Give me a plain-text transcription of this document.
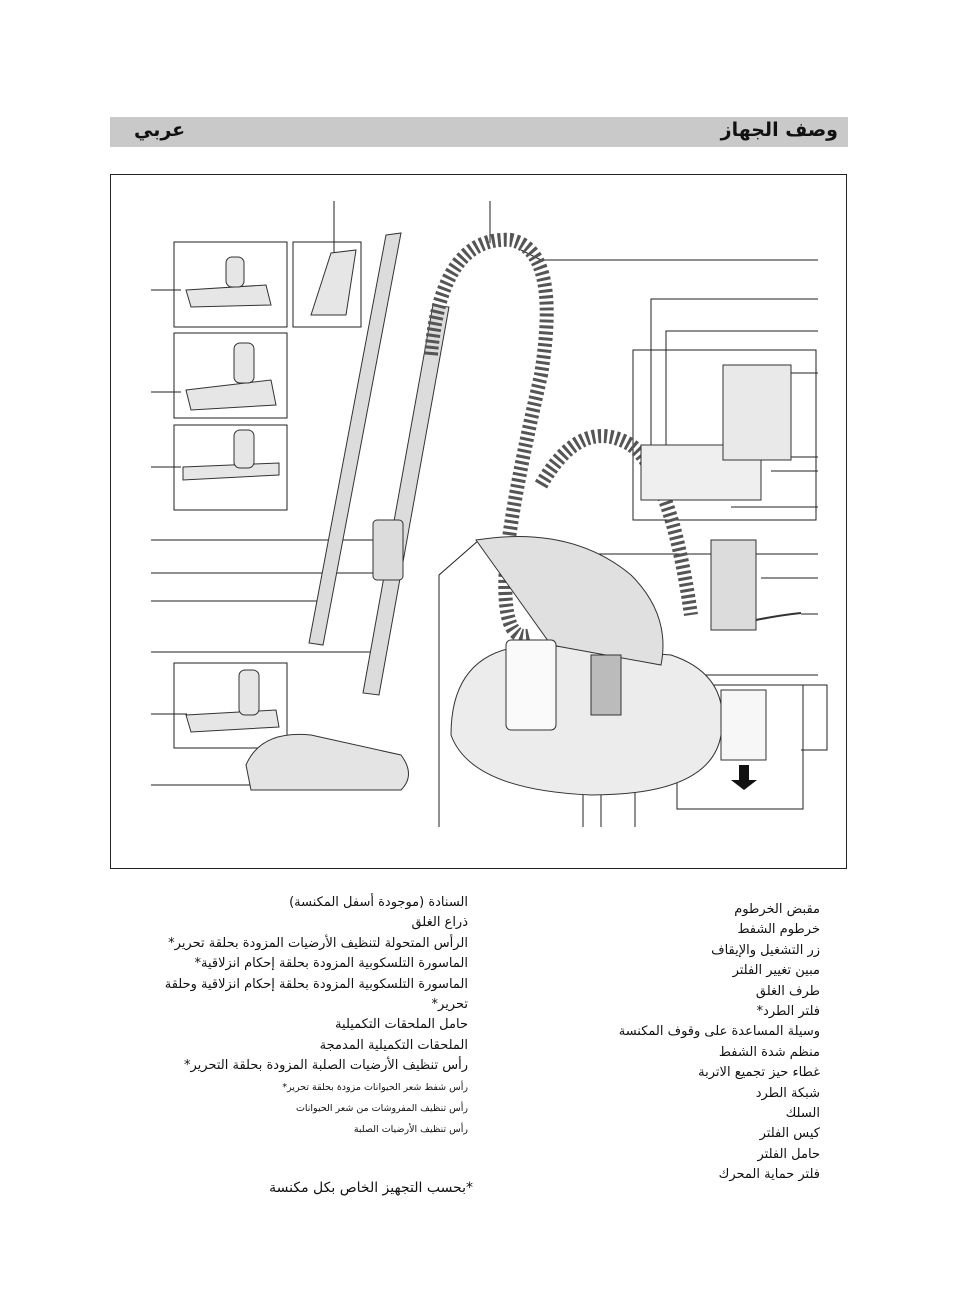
وصف الجهاز
عربي
مقبض الخرطوم
خرطوم الشفط
زر التشغيل والإيقاف
مبين تغيير الفلتر
طرف الغلق
فلتر الطرد*
وسيلة المساعدة على وقوف المكنسة
منظم شدة الشفط
غطاء حيز تجميع الاتربة
شبكة الطرد
السلك
كيس الفلتر
حامل الفلتر
فلتر حماية المحرك
السنادة (موجودة أسفل المكنسة)
ذراع الغلق
الرأس المتحولة لتنظيف الأرضيات المزودة بحلقة تحرير*
الماسورة التلسكوبية المزودة بحلقة إحكام انزلاقية*
الماسورة التلسكوبية المزودة بحلقة إحكام انزلاقية وحلقة تحرير*
حامل الملحقات التكميلية
الملحقات التكميلية المدمجة
رأس تنظيف الأرضيات الصلبة المزودة بحلقة التحرير*
رأس شفط شعر الحيوانات مزودة بحلقة تحرير*
رأس تنظيف المفروشات من شعر الحيوانات
رأس تنظيف الأرضيات الصلبة
*بحسب التجهيز الخاص بكل مكنسة
